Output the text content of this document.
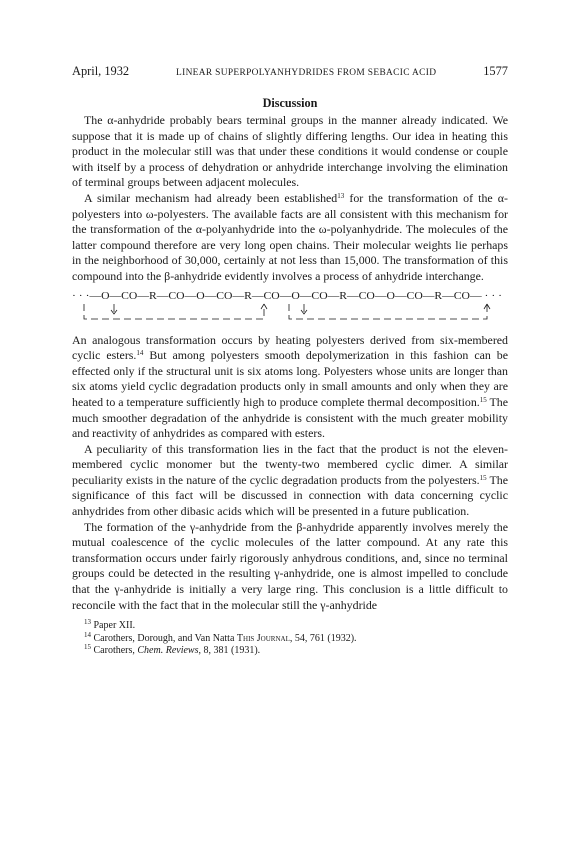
April, 1932	LINEAR SUPERPOLYANHYDRIDES FROM SEBACIC ACID	1577
Discussion

The α-anhydride probably bears terminal groups in the manner already indicated. We suppose that it is made up of chains of slightly differing lengths. Our idea in heating this product in the molecular still was that under these conditions it would condense or couple with itself by a process of dehydration or anhydride interchange involving the elimination of terminal groups between adjacent molecules.

A similar mechanism had already been established$^{13}$ for the transformation of the α-polyesters into ω-polyesters. The available facts are all consistent with this mechanism for the transformation of the α-polyanhydride into the ω-polyanhydride. The molecules of the latter compound therefore are very long open chains. Their molecular weights lie perhaps in the neighborhood of 30,000, certainly at not less than 15,000. The transformation of this compound into the β-anhydride evidently involves a process of anhydride interchange.

· · ·—O—CO—R—CO—O—CO—R—CO—O—CO—R—CO—O—CO—R—CO— · · ·

An analogous transformation occurs by heating polyesters derived from six-membered cyclic esters.$^{14}$ But among polyesters smooth depolymerization in this fashion can be effected only if the structural unit is six atoms long. Polyesters whose units are longer than six atoms yield cyclic degradation products only in small amounts and only when they are heated to a temperature sufficiently high to produce complete thermal decomposition.$^{15}$ The much smoother degradation of the anhydride is consistent with the much greater mobility and reactivity of anhydrides as compared with esters.

A peculiarity of this transformation lies in the fact that the product is not the eleven-membered cyclic monomer but the twenty-two membered cyclic dimer. A similar peculiarity exists in the nature of the cyclic degradation products from the polyesters.$^{15}$ The significance of this fact will be discussed in connection with data concerning cyclic anhydrides from other dibasic acids which will be presented in a future publication.

The formation of the γ-anhydride from the β-anhydride apparently involves merely the mutual coalescence of the cyclic molecules of the latter compound. At any rate this transformation occurs under fairly rigorously anhydrous conditions, and, since no terminal groups could be detected in the resulting γ-anhydride, one is almost impelled to conclude that the γ-anhydride is initially a very large ring. This conclusion is a little difficult to reconcile with the fact that in the molecular still the γ-anhydride

$^{13}$ Paper XII.
$^{14}$ Carothers, Dorough, and Van Natta This Journal, 54, 761 (1932).
$^{15}$ Carothers, Chem. Reviews, 8, 381 (1931).
